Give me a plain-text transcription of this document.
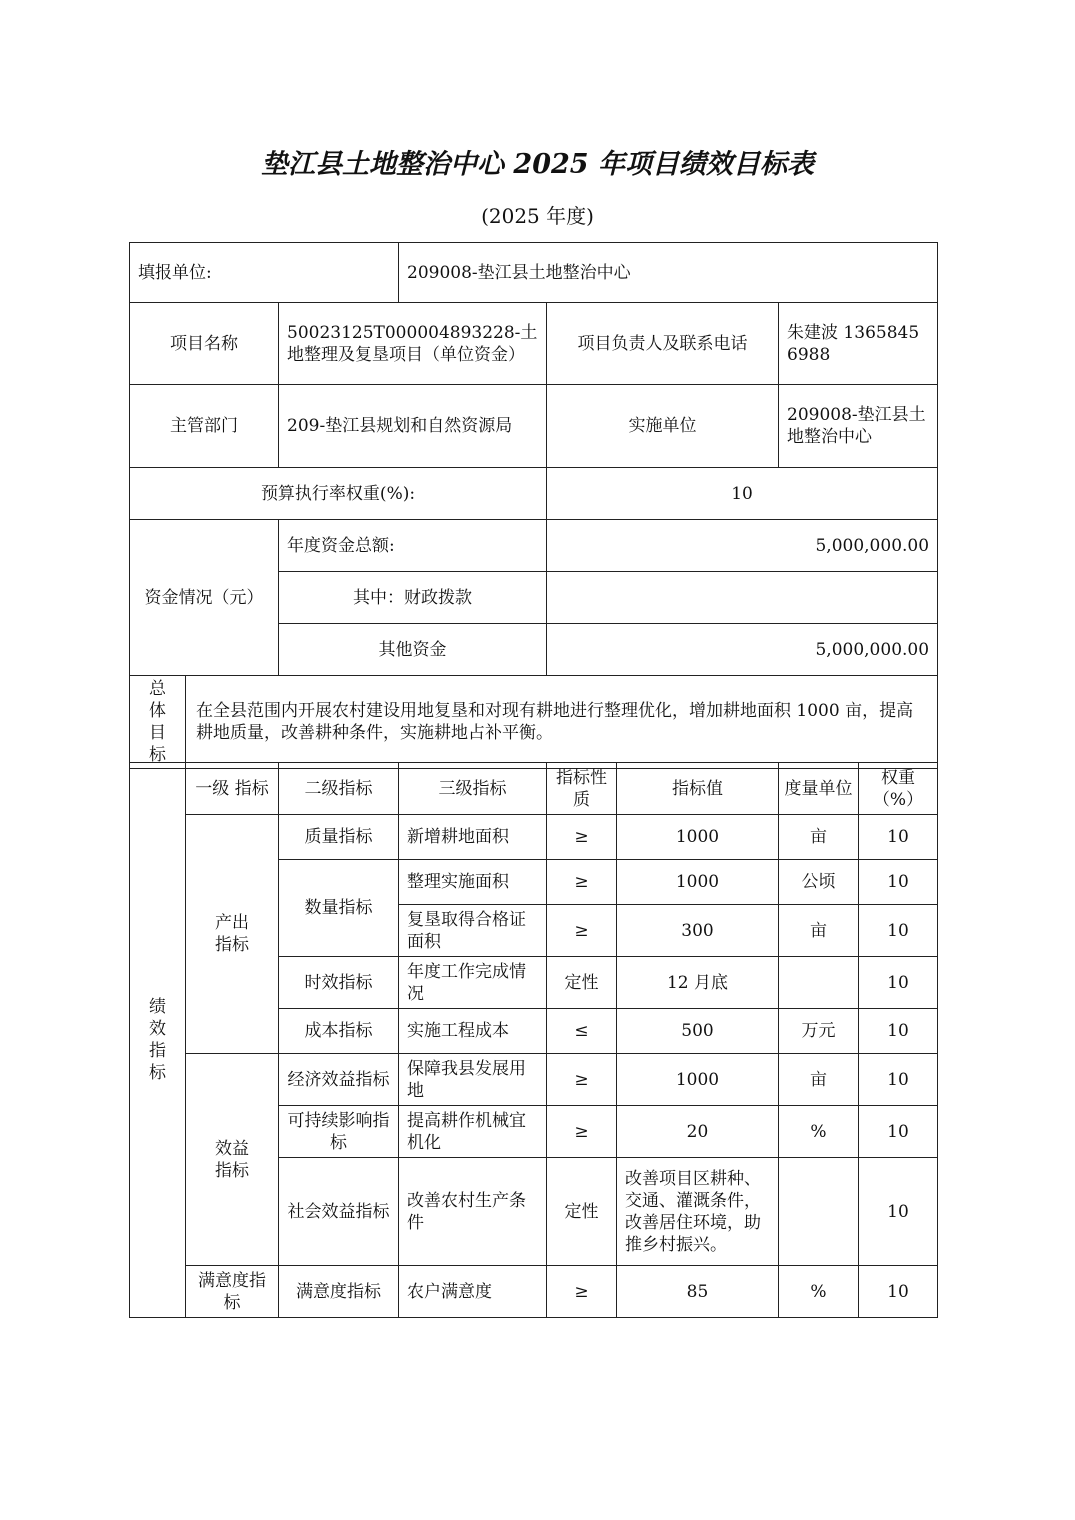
垫江县土地整治中心 2025 年项目绩效目标表
(2025 年度)
填报单位:			209008-垫江县土地整治中心		
项目名称		50023125T000004893228-土地整理及复垦项目（单位资金）		项目负责人及联系电话	朱建波 13658456988
主管部门		209-垫江县规划和自然资源局		实施单位	209008-垫江县土地整治中心
预算执行率权重(%):				10	
资金情况（元）		年度资金总额:		5,000,000.00	
		其中：财政拨款			
		其他资金		5,000,000.00	

总体目标	在全县范围内开展农村建设用地复垦和对现有耕地进行整理优化，增加耕地面积 1000 亩，提高耕地质量，改善耕种条件，实施耕地占补平衡。				
绩效指标	一级 指标	二级指标	三级指标	指标性质	指标值	度量单位	权重（%）

	产出指标	质量指标	新增耕地面积	≥	1000	亩	10
		数量指标	整理实施面积	≥	1000	公顷	10
			复垦取得合格证面积	≥	300	亩	10
		时效指标	年度工作完成情况	定性	12 月底		10
		成本指标	实施工程成本	≤	500	万元	10

	效益指标	经济效益指标	保障我县发展用地	≥	1000	亩	10
		可持续影响指标	提高耕作机械宜机化	≥	20	%	10
		社会效益指标	改善农村生产条件	定性	改善项目区耕种、交通、灌溉条件，改善居住环境，助推乡村振兴。		10
	满意度指标	满意度指标	农户满意度	≥	85	%	10
